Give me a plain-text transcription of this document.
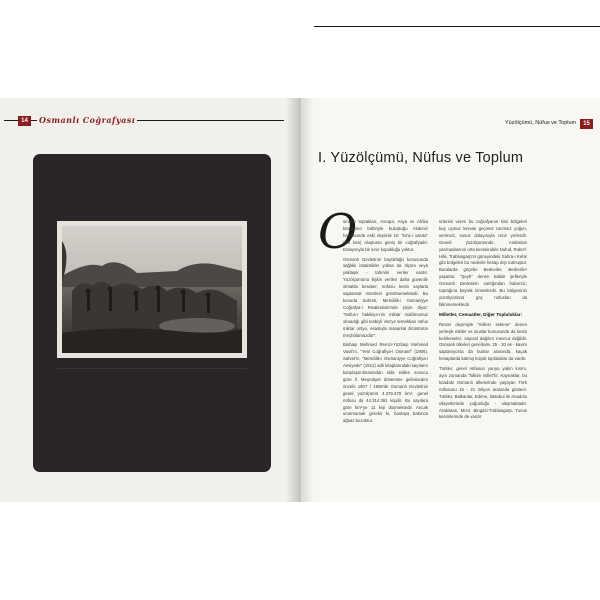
14	Osmanlı Coğrafyası	Yüzölçümü, Nüfus ve Toplum	15
I. Yüzölçümü, Nüfus ve Toplum
O

smanlı toprakları, Avrupa, Asya ve Afrika kıtalarının birbiriyle buluştuğu Akdeniz havzasında eski deyimle bir "kıt'a-i vasıta" (üst kıta) oluşturan geniş bir coğrafyadır. Dolayısıyla bir sınır kopukluğu yoktur.

Osmanlı Devletinin büyüklüğü konusunda sağlıklı istatistikler yoksa da ölçüm veya yaklaşık - tahmini veriler vardır. Yüzölçümünü ilişkin verilen daha güvenilir olmakla beraber, nüfusu kesin saylarla saptamak mümkün görülmemektedir. Bu konuda Sahreti, Memâlik-i Osmaniyye Coğrafya-i Risalesinde'nde şöyle diyor: "Nüfus-ı hakikiye-nin miktar malûmumuz olmadığı gibi tesbiyli vüs'ye temekkan nüfus miktar ortiyo, esaslıyla masarkat ölcüstürün meçhûlümüzdür".

Binbaşı Mehmed Remzi-Yüzbaşı Mehmed Vasıf'ın, "Yeni Coğrafiya-i Osmanî" (1906), Safvet'in, "Memâlik-i Osmaniyye Coğrafiya-i Ansiyede" (1912) adlı kitaplarındaki sayıların karşılaştırılmasından elde edilen sonucu göre ll. Meşrutiyet dönemine gelinmeden önceki 1907 / 1908'de Osmanlı Devletinin genel yüzölçümü 4.379.479 km², genel nüfusu da 44.314.391 kişidir. Bu sayılara göre km²'ye 11 kişi düşmektedir. Ancak unutmamak gerekir ki, haritaya bakınca ağsaz bozuktur.

ürlerimi veren bu coğrafyanın kimi bölgeleri kuş uçmaz kervan geçmez tarımsız yoğun, verimsiz, susuz dolayısıyla ıssız yerlerdir. Geneli yüzölçümünde, Arabistan yarımadasının orta kesimindeki Nufud, Rubü'l-Hâli, Trablusgarp'ın güneyindeki Sahra-i Kebir gibi bölgeleri bu nedenle hesap dışı tutmuştur. Buralarda göçebe Bedeviler, Berberiler yaşarlar. "Şeyh" denen kabile şefleriyle Osmanlı Devletinin varlığından habersiz, toprağına bayrak kimselerdir. Bu bölgeninin yüzölçümünü göç nüfusları da bilinmemektedir.

Milletler, Cemaatler, Diğer Topluluklar:

Resmi deyimiyle "millet-i sekene" denen yerleşik etkiler ve uluslar konusunda da kesin belirlemeler, sayısal dağılım mevcut değildir. Osmanlı ülkeleri genelinde, 25 - 30 ek - kavim saptanıyorsa da bunlar arasında, kaçak hesaplarda katmış küçük topluluklar da vardır.

Türkler, genel nüfusun yarıya yakın kısmı, aynı zamanda "hâkim millet"tir. Kaynaklar, bu kıtadaki Osmanlı ülkelerinde yaşayan Türk nüfusunu 15 - 21 milyon arasında gösterir. Türkler, Balkanlar, Edirne, İstanbul ile Anadolu vilayetlerinde yoğunluğu - ulaşmaktadır. Arabistan, Mısır, Bingazi-Trablusgarp, Tunus kesimlerinde de vardır.
